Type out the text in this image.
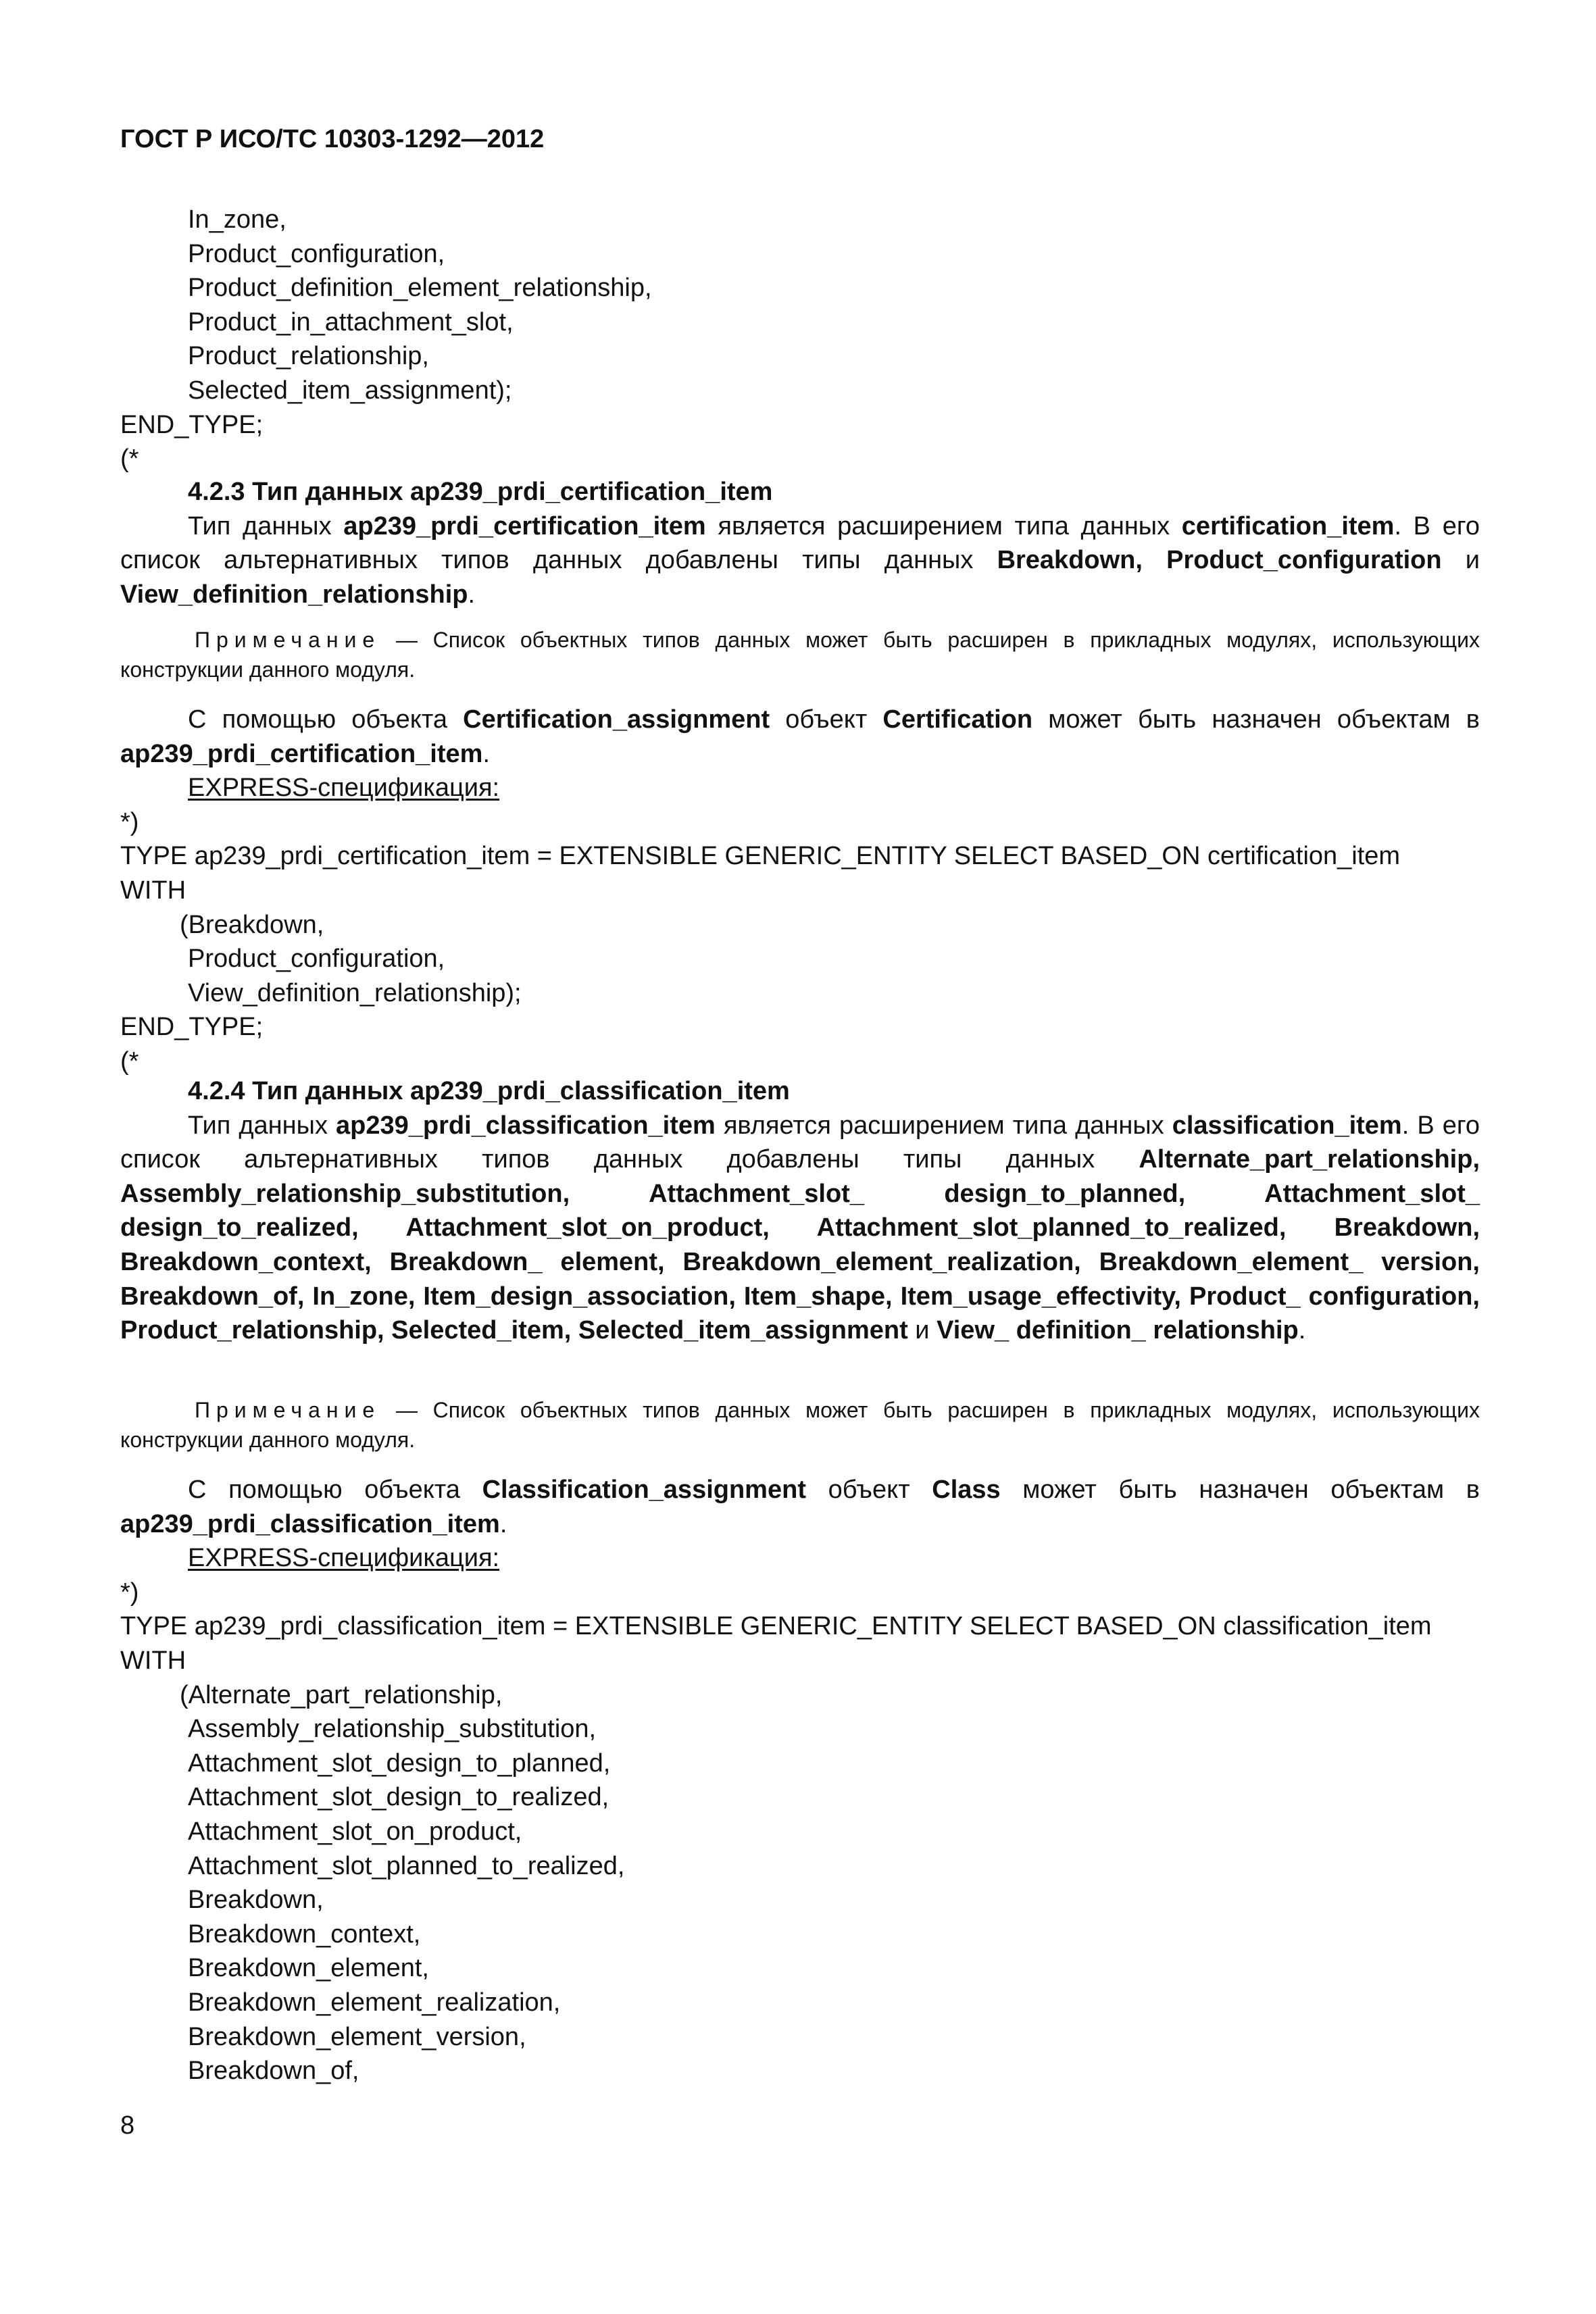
ГОСТ Р ИСО/ТС 10303-1292—2012
In_zone,
Product_configuration,
Product_definition_element_relationship,
Product_in_attachment_slot,
Product_relationship,
Selected_item_assignment);
END_TYPE;
(*
4.2.3 Тип данных ap239_prdi_certification_item
Тип данных ap239_prdi_certification_item является расширением типа данных certification_item. В его список альтернативных типов данных добавлены типы данных Breakdown, Product_configuration и View_definition_relationship.
Примечание — Список объектных типов данных может быть расширен в прикладных модулях, использующих конструкции данного модуля.
С помощью объекта Certification_assignment объект Certification может быть назначен объектам в ap239_prdi_certification_item.
EXPRESS-спецификация:
*)
TYPE ap239_prdi_certification_item = EXTENSIBLE GENERIC_ENTITY SELECT BASED_ON certification_item
WITH
(Breakdown,
Product_configuration,
View_definition_relationship);
END_TYPE;
(*
4.2.4 Тип данных ap239_prdi_classification_item
Тип данных ap239_prdi_classification_item является расширением типа данных classification_item. В его список альтернативных типов данных добавлены типы данных Alternate_part_relationship, Assembly_relationship_substitution, Attachment_slot_ design_to_planned, Attachment_slot_ design_to_realized, Attachment_slot_on_product, Attachment_slot_planned_to_realized, Breakdown, Breakdown_context, Breakdown_ element, Breakdown_element_realization, Breakdown_element_ version, Breakdown_of, In_zone, Item_design_association, Item_shape, Item_usage_effectivity, Product_ configuration, Product_relationship, Selected_item, Selected_item_assignment и View_ definition_ relationship.
Примечание — Список объектных типов данных может быть расширен в прикладных модулях, использующих конструкции данного модуля.
С помощью объекта Classification_assignment объект Class может быть назначен объектам в ap239_prdi_classification_item.
EXPRESS-спецификация:
*)
TYPE ap239_prdi_classification_item = EXTENSIBLE GENERIC_ENTITY SELECT BASED_ON classification_item
WITH
(Alternate_part_relationship,
Assembly_relationship_substitution,
Attachment_slot_design_to_planned,
Attachment_slot_design_to_realized,
Attachment_slot_on_product,
Attachment_slot_planned_to_realized,
Breakdown,
Breakdown_context,
Breakdown_element,
Breakdown_element_realization,
Breakdown_element_version,
Breakdown_of,
8
